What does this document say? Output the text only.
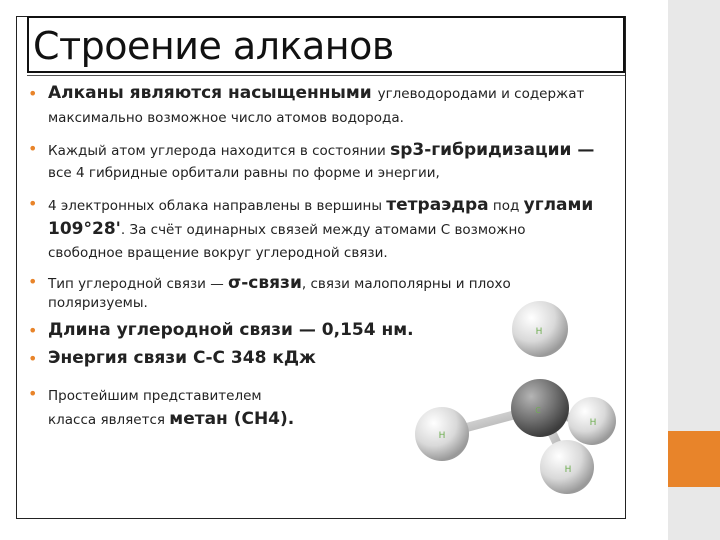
Строение алканов
• Алканы являются насыщенными углеводородами и содержат
максимально возможное число атомов водорода.
• Каждый атом углерода находится в состоянии sp3-гибридизации —
все 4 гибридные орбитали равны по форме и энергии,
• 4 электронных облака направлены в вершины тетраэдра под углами
109°28'. За счёт одинарных связей между атомами С возможно
свободное вращение вокруг углеродной связи.
• Тип углеродной связи — σ-связи, связи малополярны и плохо
поляризуемы.
• Длина углеродной связи — 0,154 нм.
• Энергия связи С-С 348 кДж
• Простейшим представителем
класса является метан (СН4).
H
H
H
C
H
